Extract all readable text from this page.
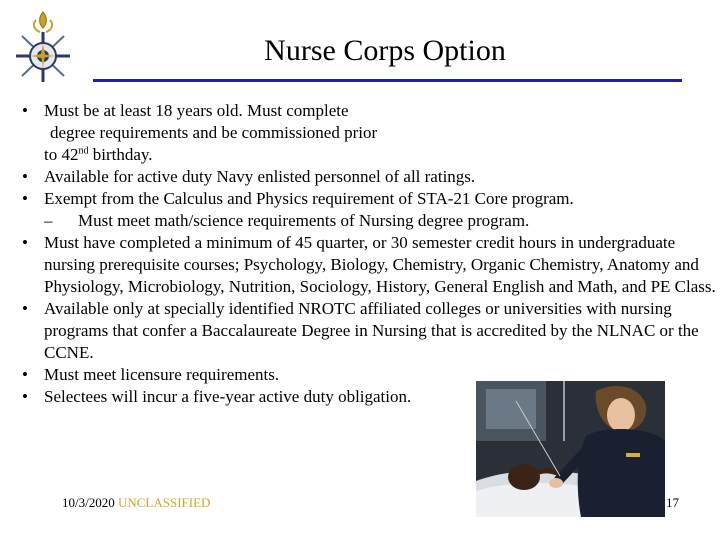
Nurse Corps Option
• Must be at least 18 years old. Must complete

degree requirements and be commissioned prior
to 42nd birthday.
• Available for active duty Navy enlisted personnel of all ratings.
• Exempt from the Calculus and Physics requirement of STA-21 Core program.
– Must meet math/science requirements of Nursing degree program.
• Must have completed a minimum of 45 quarter, or 30 semester credit hours in undergraduate nursing prerequisite courses; Psychology, Biology, Chemistry, Organic Chemistry, Anatomy and Physiology, Microbiology, Nutrition, Sociology, History, General English and Math, and PE Class.
• Available only at specially identified NROTC affiliated colleges or universities with nursing programs that confer a Baccalaureate Degree in Nursing that is accredited by the NLNAC or the CCNE.
• Must meet licensure requirements.
• Selectees will incur a five-year active duty obligation.
10/3/2020 UNCLASSIFIED	17
